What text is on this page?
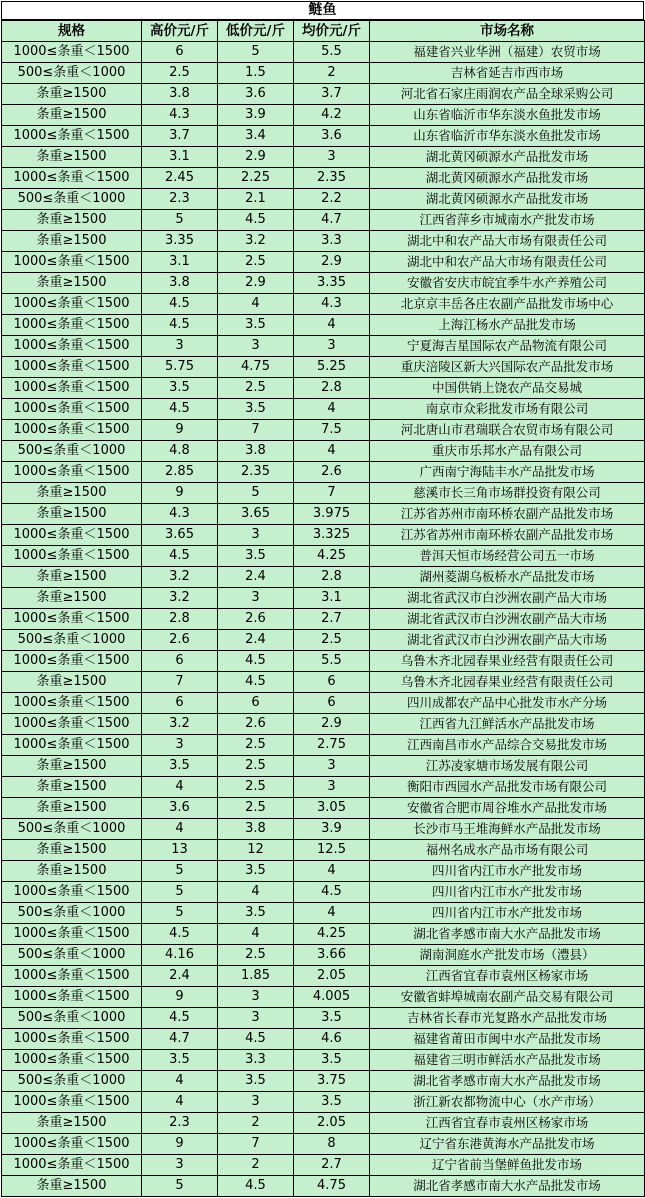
鲢鱼
规格	高价元/斤	低价元/斤	均价元/斤	市场名称
1000≤条重＜1500	6	5	5.5	福建省兴业华洲（福建）农贸市场
500≤条重＜1000	2.5	1.5	2	吉林省延吉市西市场
条重≥1500	3.8	3.6	3.7	河北省石家庄雨润农产品全球采购公司
条重≥1500	4.3	3.9	4.2	山东省临沂市华东淡水鱼批发市场
1000≤条重＜1500	3.7	3.4	3.6	山东省临沂市华东淡水鱼批发市场
条重≥1500	3.1	2.9	3	湖北黄冈硕源水产品批发市场
1000≤条重＜1500	2.45	2.25	2.35	湖北黄冈硕源水产品批发市场
500≤条重＜1000	2.3	2.1	2.2	湖北黄冈硕源水产品批发市场
条重≥1500	5	4.5	4.7	江西省萍乡市城南水产批发市场
条重≥1500	3.35	3.2	3.3	湖北中和农产品大市场有限责任公司
1000≤条重＜1500	3.1	2.5	2.9	湖北中和农产品大市场有限责任公司
条重≥1500	3.8	2.9	3.35	安徽省安庆市皖宜季牛水产养殖公司
1000≤条重＜1500	4.5	4	4.3	北京京丰岳各庄农副产品批发市场中心
1000≤条重＜1500	4.5	3.5	4	上海江杨水产品批发市场
1000≤条重＜1500	3	3	3	宁夏海吉星国际农产品物流有限公司
1000≤条重＜1500	5.75	4.75	5.25	重庆涪陵区新大兴国际农产品批发市场
1000≤条重＜1500	3.5	2.5	2.8	中国供销上饶农产品交易城
1000≤条重＜1500	4.5	3.5	4	南京市众彩批发市场有限公司
1000≤条重＜1500	9	7	7.5	河北唐山市君瑞联合农贸市场有限公司
500≤条重＜1000	4.8	3.8	4	重庆市乐邦水产品有限公司
1000≤条重＜1500	2.85	2.35	2.6	广西南宁海陆丰水产品批发市场
条重≥1500	9	5	7	慈溪市长三角市场群投资有限公司
条重≥1500	4.3	3.65	3.975	江苏省苏州市南环桥农副产品批发市场
1000≤条重＜1500	3.65	3	3.325	江苏省苏州市南环桥农副产品批发市场
1000≤条重＜1500	4.5	3.5	4.25	普洱天恒市场经营公司五一市场
条重≥1500	3.2	2.4	2.8	湖州菱湖乌板桥水产品批发市场
条重≥1500	3.2	3	3.1	湖北省武汉市白沙洲农副产品大市场
1000≤条重＜1500	2.8	2.6	2.7	湖北省武汉市白沙洲农副产品大市场
500≤条重＜1000	2.6	2.4	2.5	湖北省武汉市白沙洲农副产品大市场
1000≤条重＜1500	6	4.5	5.5	乌鲁木齐北园春果业经营有限责任公司
条重≥1500	7	4.5	6	乌鲁木齐北园春果业经营有限责任公司
1000≤条重＜1500	6	6	6	四川成都农产品中心批发市水产分场
1000≤条重＜1500	3.2	2.6	2.9	江西省九江鲜活水产品批发市场
1000≤条重＜1500	3	2.5	2.75	江西南昌市水产品综合交易批发市场
条重≥1500	3.5	2.5	3	江苏凌家塘市场发展有限公司
条重≥1500	4	2.5	3	衡阳市西园水产品批发市场有限公司
条重≥1500	3.6	2.5	3.05	安徽省合肥市周谷堆水产品批发市场
500≤条重＜1000	4	3.8	3.9	长沙市马王堆海鲜水产品批发市场
条重≥1500	13	12	12.5	福州名成水产品市场有限公司
条重≥1500	5	3.5	4	四川省内江市水产批发市场
1000≤条重＜1500	5	4	4.5	四川省内江市水产批发市场
500≤条重＜1000	5	3.5	4	四川省内江市水产批发市场
1000≤条重＜1500	4.5	4	4.25	湖北省孝感市南大水产品批发市场
500≤条重＜1000	4.16	2.5	3.66	湖南洞庭水产批发市场（澧县）
1000≤条重＜1500	2.4	1.85	2.05	江西省宜春市袁州区杨家市场
1000≤条重＜1500	9	3	4.005	安徽省蚌埠城南农副产品交易有限公司
500≤条重＜1000	4.5	3	3.5	吉林省长春市光复路水产品批发市场
1000≤条重＜1500	4.7	4.5	4.6	福建省莆田市闽中水产品批发市场
1000≤条重＜1500	3.5	3.3	3.5	福建省三明市鲜活水产品批发市场
500≤条重＜1000	4	3.5	3.75	湖北省孝感市南大水产品批发市场
1000≤条重＜1500	4	3	3.5	浙江新农都物流中心（水产市场）
条重≥1500	2.3	2	2.05	江西省宜春市袁州区杨家市场
1000≤条重＜1500	9	7	8	辽宁省东港黄海水产品批发市场
1000≤条重＜1500	3	2	2.7	辽宁省前当堡鲜鱼批发市场
条重≥1500	5	4.5	4.75	湖北省孝感市南大水产品批发市场
